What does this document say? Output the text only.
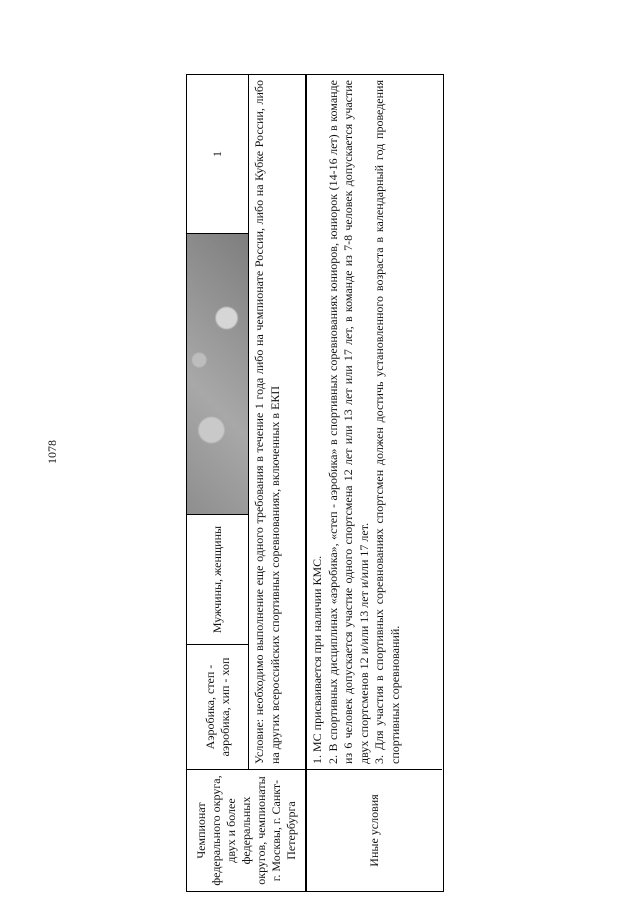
1078
Чемпионат федерального округа, двух и более федеральных округов, чемпионаты г. Москвы, г. Санкт-Петербурга
Аэробика, степ - аэробика, хип - хоп
Мужчины, женщины
1	Условие: необходимо выполнение еще одного требования в течение 1 года либо на чемпионате России, либо на Кубке России, либо на других всероссийских спортивных соревнованиях, включенных в ЕКП
Иные условия

1. МС присваивается при наличии КМС. 2. В спортивных дисциплинах «аэробика», «степ - аэробика» в спортивных соревнованиях юниоров, юниорок (14-16 лет) в команде из 6 человек допускается участие одного спортсмена 12 лет или 13 лет или 17 лет, в команде из 7-8 человек допускается участие двух спортсменов 12 и/или 13 лет и/или 17 лет. 3. Для участия в спортивных соревнованиях спортсмен должен достичь установленного возраста в календарный год проведения спортивных соревнований.
